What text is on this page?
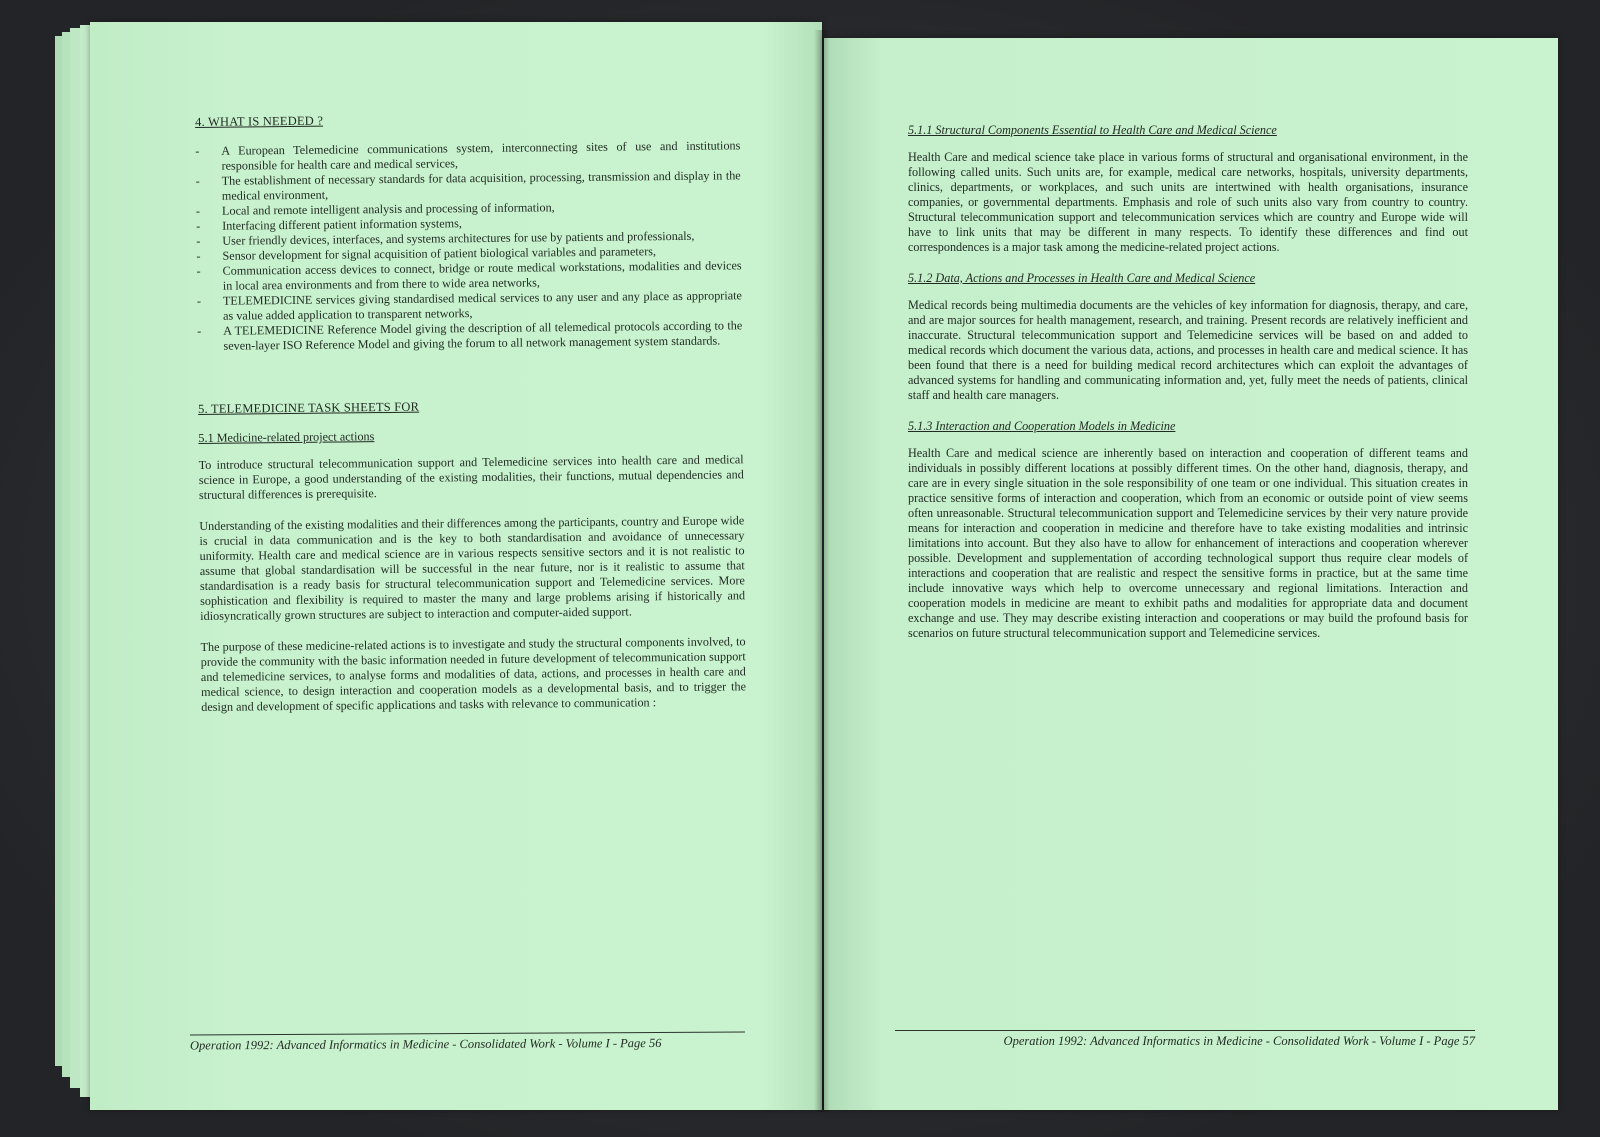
4. WHAT IS NEEDED ?
- A European Telemedicine communications system, interconnecting sites of use and institutions responsible for health care and medical services,
- The establishment of necessary standards for data acquisition, processing, transmission and display in the medical environment,
- Local and remote intelligent analysis and processing of information,
- Interfacing different patient information systems,
- User friendly devices, interfaces, and systems architectures for use by patients and professionals,
- Sensor development for signal acquisition of patient biological variables and parameters,
- Communication access devices to connect, bridge or route medical workstations, modalities and devices in local area environments and from there to wide area networks,
- TELEMEDICINE services giving standardised medical services to any user and any place as appropriate as value added application to transparent networks,
- A TELEMEDICINE Reference Model giving the description of all telemedical protocols according to the seven-layer ISO Reference Model and giving the forum to all network management system standards.
5. TELEMEDICINE TASK SHEETS FOR
5.1 Medicine-related project actions

To introduce structural telecommunication support and Telemedicine services into health care and medical science in Europe, a good understanding of the existing modalities, their functions, mutual dependencies and structural differences is prerequisite.

Understanding of the existing modalities and their differences among the participants, country and Europe wide is crucial in data communication and is the key to both standardisation and avoidance of unnecessary uniformity. Health care and medical science are in various respects sensitive sectors and it is not realistic to assume that global standardisation will be successful in the near future, nor is it realistic to assume that standardisation is a ready basis for structural telecommunication support and Telemedicine services. More sophistication and flexibility is required to master the many and large problems arising if historically and idiosyncratically grown structures are subject to interaction and computer-aided support.

The purpose of these medicine-related actions is to investigate and study the structural components involved, to provide the community with the basic information needed in future development of telecommunication support and telemedicine services, to analyse forms and modalities of data, actions, and processes in health care and medical science, to design interaction and cooperation models as a developmental basis, and to trigger the design and development of specific applications and tasks with relevance to communication :

Operation 1992: Advanced Informatics in Medicine - Consolidated Work - Volume I - Page 56
5.1.1 Structural Components Essential to Health Care and Medical Science

Health Care and medical science take place in various forms of structural and organisational environment, in the following called units. Such units are, for example, medical care networks, hospitals, university departments, clinics, departments, or workplaces, and such units are intertwined with health organisations, insurance companies, or governmental departments. Emphasis and role of such units also vary from country to country. Structural telecommunication support and telecommunication services which are country and Europe wide will have to link units that may be different in many respects. To identify these differences and find out correspondences is a major task among the medicine-related project actions.

5.1.2 Data, Actions and Processes in Health Care and Medical Science

Medical records being multimedia documents are the vehicles of key information for diagnosis, therapy, and care, and are major sources for health management, research, and training. Present records are relatively inefficient and inaccurate. Structural telecommunication support and Telemedicine services will be based on and added to medical records which document the various data, actions, and processes in health care and medical science. It has been found that there is a need for building medical record architectures which can exploit the advantages of advanced systems for handling and communicating information and, yet, fully meet the needs of patients, clinical staff and health care managers.

5.1.3 Interaction and Cooperation Models in Medicine

Health Care and medical science are inherently based on interaction and cooperation of different teams and individuals in possibly different locations at possibly different times. On the other hand, diagnosis, therapy, and care are in every single situation in the sole responsibility of one team or one individual. This situation creates in practice sensitive forms of interaction and cooperation, which from an economic or outside point of view seems often unreasonable. Structural telecommunication support and Telemedicine services by their very nature provide means for interaction and cooperation in medicine and therefore have to take existing modalities and intrinsic limitations into account. But they also have to allow for enhancement of interactions and cooperation wherever possible. Development and supplementation of according technological support thus require clear models of interactions and cooperation that are realistic and respect the sensitive forms in practice, but at the same time include innovative ways which help to overcome unnecessary and regional limitations. Interaction and cooperation models in medicine are meant to exhibit paths and modalities for appropriate data and document exchange and use. They may describe existing interaction and cooperations or may build the profound basis for scenarios on future structural telecommunication support and Telemedicine services.

Operation 1992: Advanced Informatics in Medicine - Consolidated Work - Volume I - Page 57
